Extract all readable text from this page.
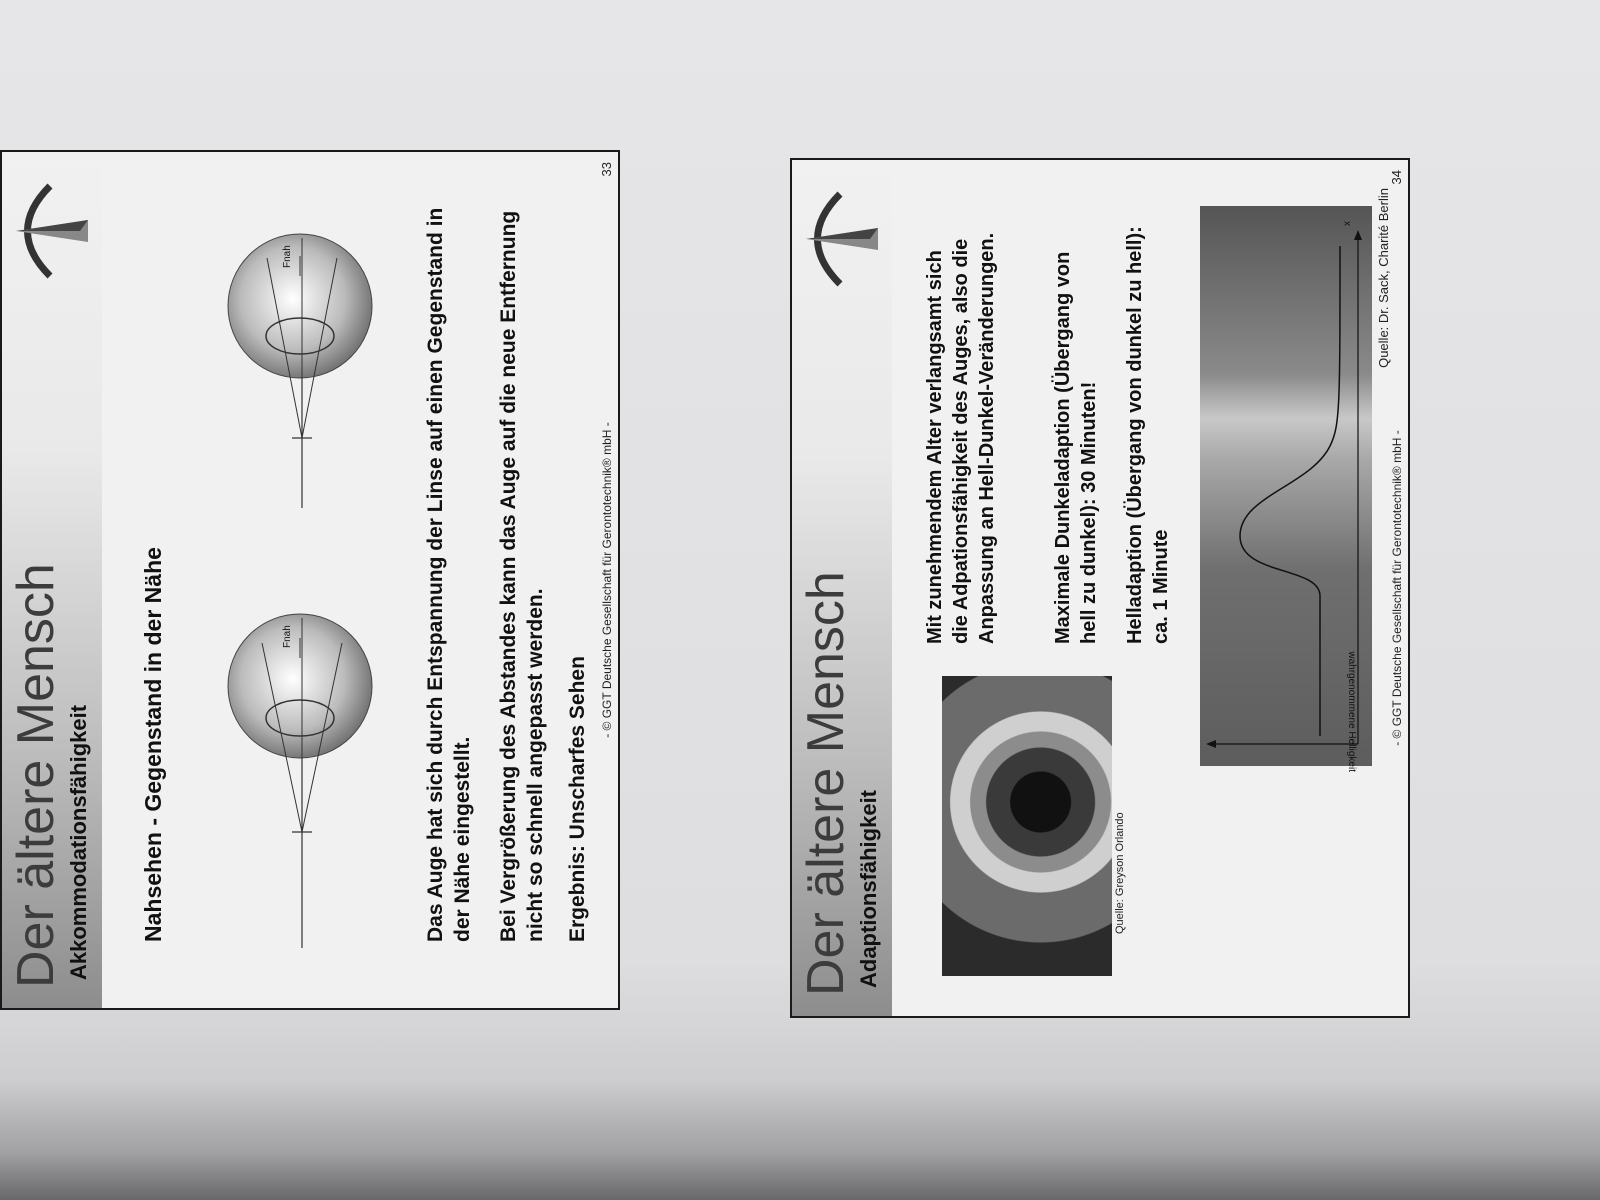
Der ältere Mensch Akkommodationsfähigkeit Nahsehen - Gegenstand in der Nähe	Fnah
Fnah	Das Auge hat sich durch Entspannung der Linse auf einen Gegenstand in der Nähe eingestellt. Bei Vergrößerung des Abstandes kann das Auge auf die neue Entfernung nicht so schnell angepasst werden. Ergebnis: Unscharfes Sehen
- © GGT Deutsche Gesellschaft für Gerontotechnik® mbH -
33
Der ältere Mensch Adaptionsfähigkeit	Quelle: Greyson Orlando
Mit zunehmendem Alter verlangsamt sich die Adpationsfähigkeit des Auges, also die Anpassung an Hell-Dunkel-Veränderungen.	Maximale Dunkeladaption (Übergang von hell zu dunkel): 30 Minuten! Helladaption (Übergang von dunkel zu hell): ca. 1 Minute
x
wahrgenommene Helligkeit
Quelle: Dr. Sack, Charité Berlin
- © GGT Deutsche Gesellschaft für Gerontotechnik® mbH -
34
